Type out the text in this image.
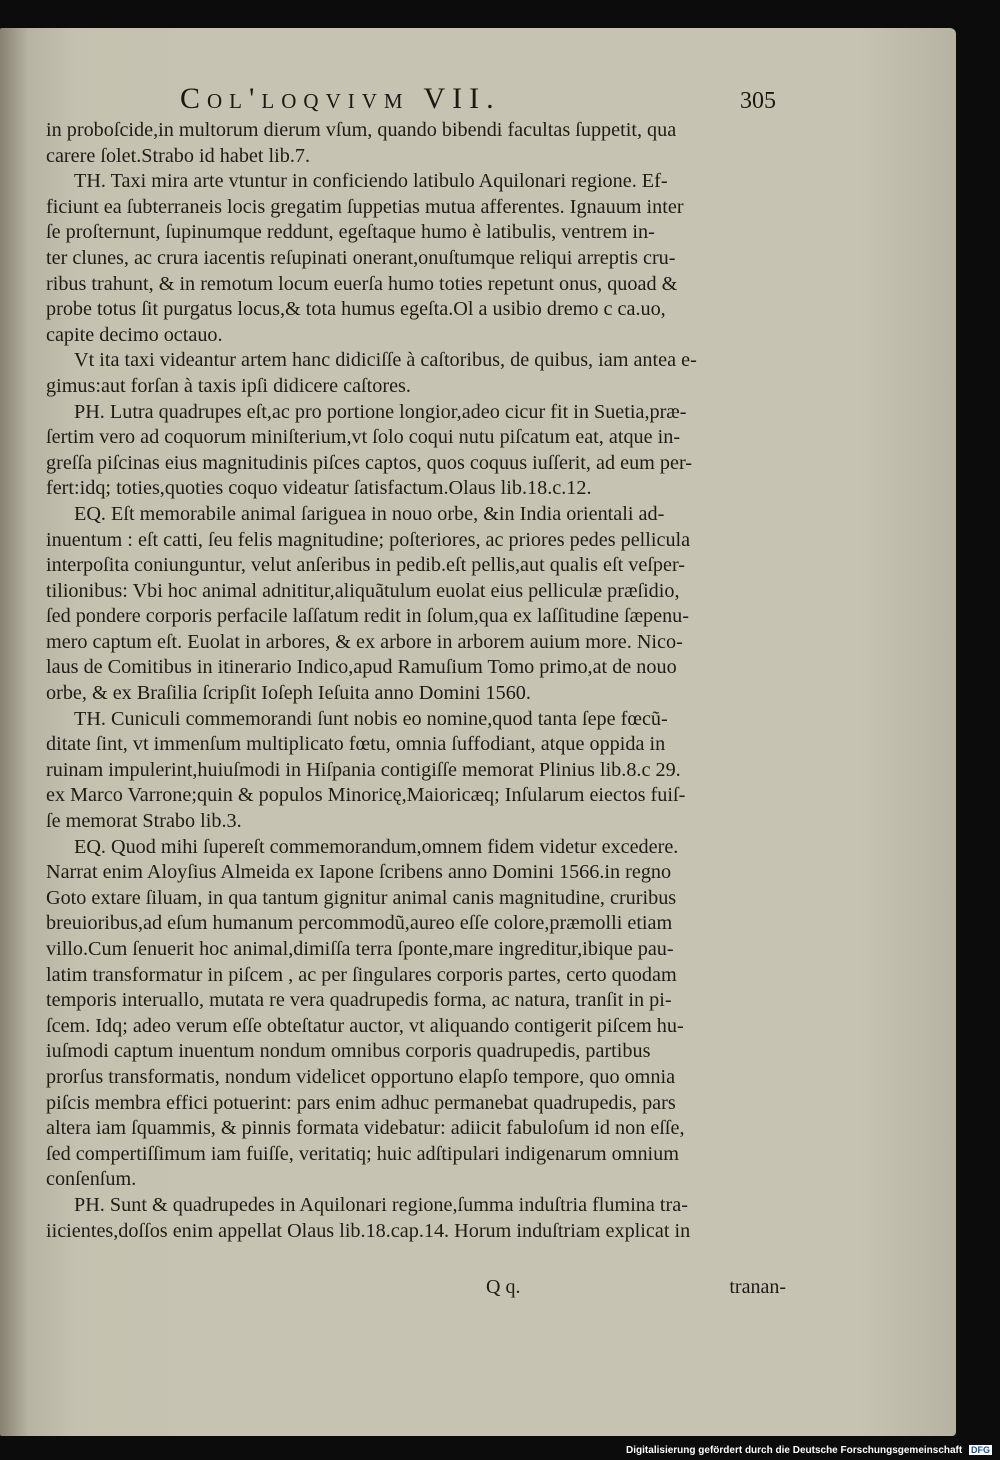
Col'loqvivm VII.	305
in proboſcide,in multorum dierum vſum, quando bibendi facultas ſuppetit, qua
carere ſolet.Strabo id habet lib.7.
TH. Taxi mira arte vtuntur in conficiendo latibulo Aquilonari regione. Ef-
ficiunt ea ſubterraneis locis gregatim ſuppetias mutua afferentes. Ignauum inter
ſe proſternunt, ſupinumque reddunt, egeſtaque humo è latibulis, ventrem in-
ter clunes, ac crura iacentis reſupinati onerant,onuſtumque reliqui arreptis cru-
ribus trahunt, & in remotum locum euerſa humo toties repetunt onus, quoad &
probe totus ſit purgatus locus,& tota humus egeſta.Ol a usibio dremo c ca.uo,
capite decimo octauo.
Vt ita taxi videantur artem hanc didiciſſe à caſtoribus, de quibus, iam antea e-
gimus:aut forſan à taxis ipſi didicere caſtores.
PH. Lutra quadrupes eſt,ac pro portione longior,adeo cicur fit in Suetia,præ-
ſertim vero ad coquorum miniſterium,vt ſolo coqui nutu piſcatum eat, atque in-
greſſa piſcinas eius magnitudinis piſces captos, quos coquus iuſſerit, ad eum per-
fert:idq; toties,quoties coquo videatur ſatisfactum.Olaus lib.18.c.12.
EQ. Eſt memorabile animal ſariguea in nouo orbe, &in India orientali ad-
inuentum : eſt catti, ſeu felis magnitudine; poſteriores, ac priores pedes pellicula
interpoſita coniunguntur, velut anſeribus in pedib.eſt pellis,aut qualis eſt veſper-
tilionibus: Vbi hoc animal adnititur,aliquãtulum euolat eius pelliculæ præſidio,
ſed pondere corporis perfacile laſſatum redit in ſolum,qua ex laſſitudine ſæpenu-
mero captum eſt. Euolat in arbores, & ex arbore in arborem auium more. Nico-
laus de Comitibus in itinerario Indico,apud Ramuſium Tomo primo,at de nouo
orbe, & ex Braſilia ſcripſit Ioſeph Ieſuita anno Domini 1560.
TH. Cuniculi commemorandi ſunt nobis eo nomine,quod tanta ſepe fœcũ-
ditate ſint, vt immenſum multiplicato fœtu, omnia ſuffodiant, atque oppida in
ruinam impulerint,huiuſmodi in Hiſpania contigiſſe memorat Plinius lib.8.c 29.
ex Marco Varrone;quin & populos Minoricę,Maioricæq; Inſularum eiectos fuiſ-
ſe memorat Strabo lib.3.
EQ. Quod mihi ſupereſt commemorandum,omnem fidem videtur excedere.
Narrat enim Aloyſius Almeida ex Iapone ſcribens anno Domini 1566.in regno
Goto extare ſiluam, in qua tantum gignitur animal canis magnitudine, cruribus
breuioribus,ad eſum humanum percommodũ,aureo eſſe colore,præmolli etiam
villo.Cum ſenuerit hoc animal,dimiſſa terra ſponte,mare ingreditur,ibique pau-
latim transformatur in piſcem , ac per ſingulares corporis partes, certo quodam
temporis interuallo, mutata re vera quadrupedis forma, ac natura, tranſit in pi-
ſcem. Idq; adeo verum eſſe obteſtatur auctor, vt aliquando contigerit piſcem hu-
iuſmodi captum inuentum nondum omnibus corporis quadrupedis, partibus
prorſus transformatis, nondum videlicet opportuno elapſo tempore, quo omnia
piſcis membra effici potuerint: pars enim adhuc permanebat quadrupedis, pars
altera iam ſquammis, & pinnis formata videbatur: adiicit fabuloſum id non eſſe,
ſed compertiſſimum iam fuiſſe, veritatiq; huic adſtipulari indigenarum omnium
conſenſum.
PH. Sunt & quadrupedes in Aquilonari regione,ſumma induſtria flumina tra-
iicientes,doſſos enim appellat Olaus lib.18.cap.14. Horum induſtriam explicat in
Q q.	tranan-
Digitalisierung gefördert durch die Deutsche Forschungsgemeinschaft DFG
